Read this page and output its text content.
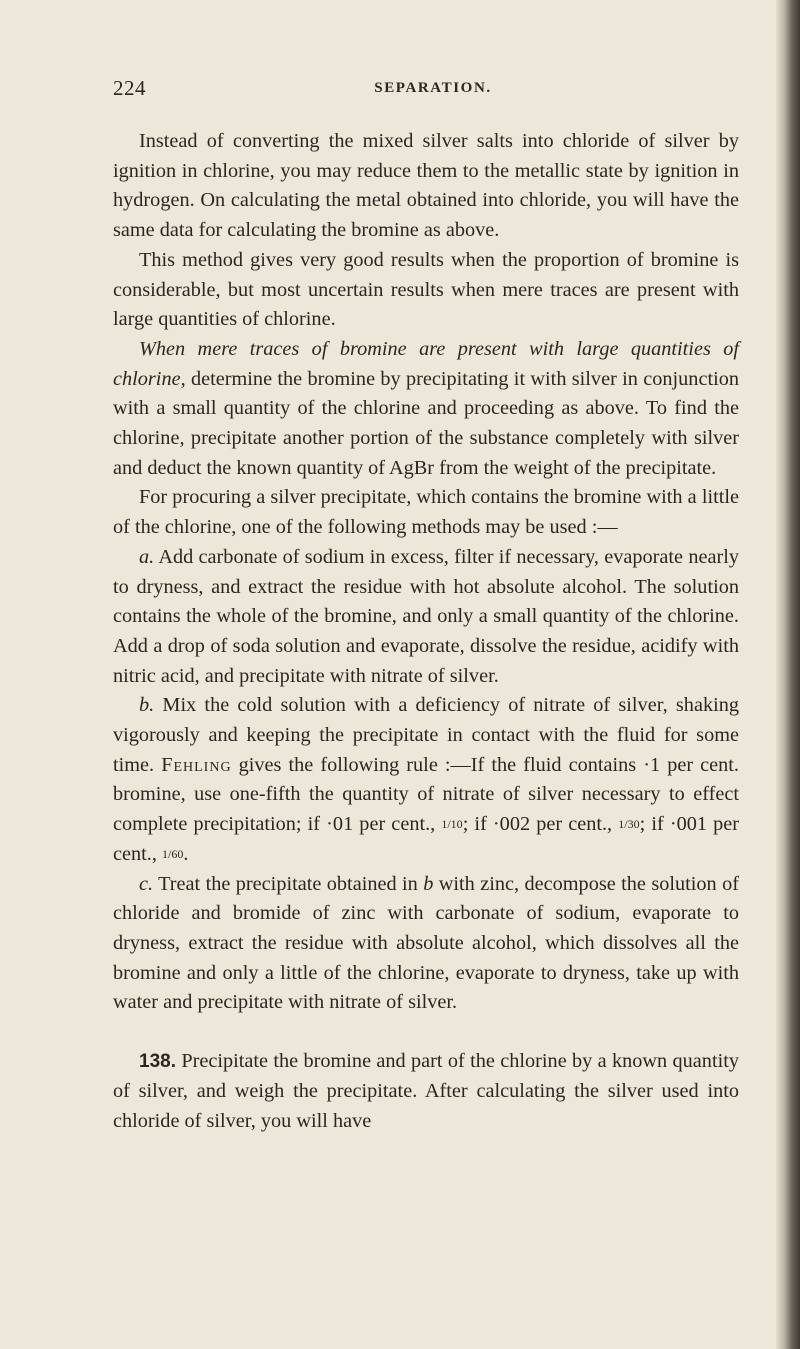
224	SEPARATION.

Instead of converting the mixed silver salts into chloride of silver by ignition in chlorine, you may reduce them to the metallic state by ignition in hydrogen. On calculating the metal obtained into chloride, you will have the same data for calculating the bromine as above.

This method gives very good results when the proportion of bromine is considerable, but most uncertain results when mere traces are present with large quantities of chlorine.

When mere traces of bromine are present with large quantities of chlorine, determine the bromine by precipitating it with silver in conjunction with a small quantity of the chlorine and proceeding as above. To find the chlorine, precipitate another portion of the substance completely with silver and deduct the known quantity of AgBr from the weight of the precipitate.

For procuring a silver precipitate, which contains the bromine with a little of the chlorine, one of the following methods may be used :—

a. Add carbonate of sodium in excess, filter if necessary, evaporate nearly to dryness, and extract the residue with hot absolute alcohol. The solution contains the whole of the bromine, and only a small quantity of the chlorine. Add a drop of soda solution and evaporate, dissolve the residue, acidify with nitric acid, and precipitate with nitrate of silver.

b. Mix the cold solution with a deficiency of nitrate of silver, shaking vigorously and keeping the precipitate in contact with the fluid for some time. Fehling gives the following rule :—If the fluid contains ·1 per cent. bromine, use one-fifth the quantity of nitrate of silver necessary to effect complete precipitation; if ·01 per cent., 1/10; if ·002 per cent., 1/30; if ·001 per cent., 1/60.

c. Treat the precipitate obtained in b with zinc, decompose the solution of chloride and bromide of zinc with carbonate of sodium, evaporate to dryness, extract the residue with absolute alcohol, which dissolves all the bromine and only a little of the chlorine, evaporate to dryness, take up with water and precipitate with nitrate of silver.

138. Precipitate the bromine and part of the chlorine by a known quantity of silver, and weigh the precipitate. After calculating the silver used into chloride of silver, you will have
